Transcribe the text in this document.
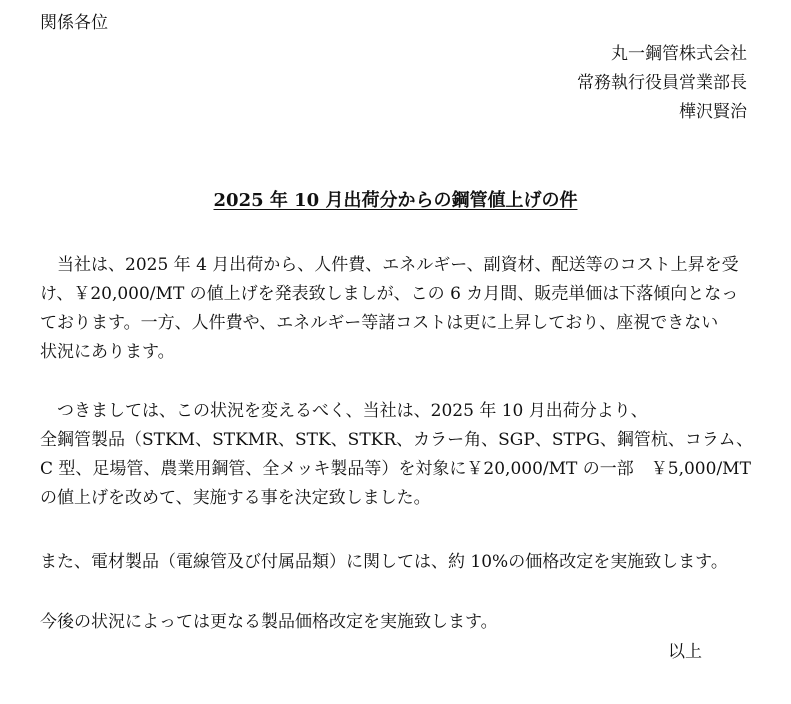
関係各位
丸一鋼管株式会社
常務執行役員営業部長
樺沢賢治
2025 年 10 月出荷分からの鋼管値上げの件
　当社は、2025 年 4 月出荷から、人件費、エネルギー、副資材、配送等のコスト上昇を受
け、￥20,000/MT の値上げを発表致しましが、この 6 カ月間、販売単価は下落傾向となっ
ております。一方、人件費や、エネルギー等諸コストは更に上昇しており、座視できない
状況にあります。
　つきましては、この状況を変えるべく、当社は、2025 年 10 月出荷分より、
全鋼管製品（STKM、STKMR、STK、STKR、カラー角、SGP、STPG、鋼管杭、コラム、
C 型、足場管、農業用鋼管、全メッキ製品等）を対象に￥20,000/MT の一部　￥5,000/MT
の値上げを改めて、実施する事を決定致しました。
また、電材製品（電線管及び付属品類）に関しては、約 10%の価格改定を実施致します。
今後の状況によっては更なる製品価格改定を実施致します。
以上
